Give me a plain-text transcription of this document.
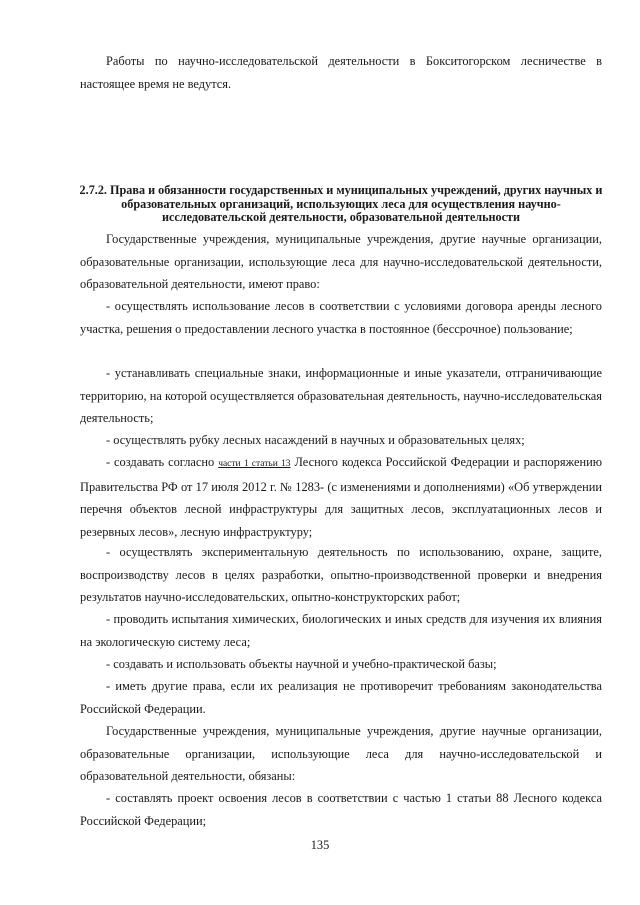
Работы по научно-исследовательской деятельности в Бокситогорском лесничестве в настоящее время не ведутся.

2.7.2. Права и обязанности государственных и муниципальных учреждений, других научных и образовательных организаций, использующих леса для осуществления научно-исследовательской деятельности, образовательной деятельности

Государственные учреждения, муниципальные учреждения, другие научные организации, образовательные организации, использующие леса для научно-исследовательской деятельности, образовательной деятельности, имеют право:

- осуществлять использование лесов в соответствии с условиями договора аренды лесного участка, решения о предоставлении лесного участка в постоянное (бессрочное) пользование;

- устанавливать специальные знаки, информационные и иные указатели, отграничивающие территорию, на которой осуществляется образовательная деятельность, научно-исследовательская деятельность;

- осуществлять рубку лесных насаждений в научных и образовательных целях;

- создавать согласно части 1 статьи 13 Лесного кодекса Российской Федерации и распоряжению Правительства РФ от 17 июля 2012 г. № 1283- (с изменениями и дополнениями) «Об утверждении перечня объектов лесной инфраструктуры для защитных лесов, эксплуатационных лесов и резервных лесов», лесную инфраструктуру;

- осуществлять экспериментальную деятельность по использованию, охране, защите, воспроизводству лесов в целях разработки, опытно-производственной проверки и внедрения результатов научно-исследовательских, опытно-конструкторских работ;

- проводить испытания химических, биологических и иных средств для изучения их влияния на экологическую систему леса;

- создавать и использовать объекты научной и учебно-практической базы;

- иметь другие права, если их реализация не противоречит требованиям законодательства Российской Федерации.

Государственные учреждения, муниципальные учреждения, другие научные организации, образовательные организации, использующие леса для научно-исследовательской и образовательной деятельности, обязаны:

- составлять проект освоения лесов в соответствии с частью 1 статьи 88 Лесного кодекса Российской Федерации;

135
